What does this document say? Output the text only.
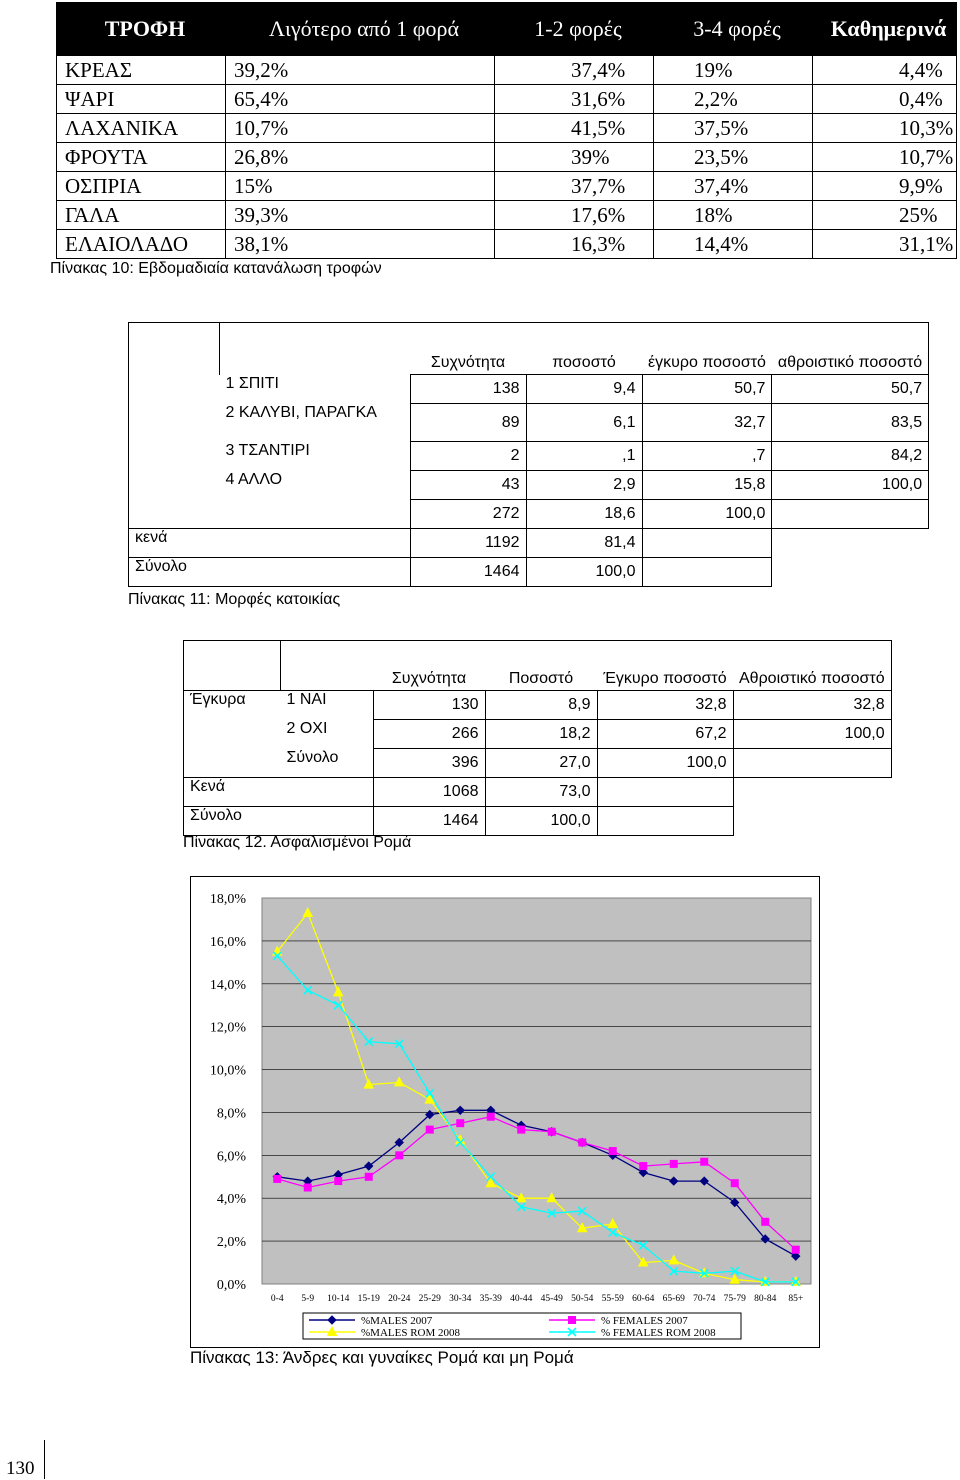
ΤΡΟΦΗ	Λιγότερο από 1 φορά	1-2 φορές	3-4 φορές	Καθημερινά
ΚΡΕΑΣ	39,2%	37,4%	19%	4,4%
ΨΑΡΙ	65,4%	31,6%	2,2%	0,4%
ΛΑΧΑΝΙΚΑ	10,7%	41,5%	37,5%	10,3%
ΦΡΟΥΤΑ	26,8%	39%	23,5%	10,7%
ΟΣΠΡΙΑ	15%	37,7%	37,4%	9,9%
ΓΑΛΑ	39,3%	17,6%	18%	25%
ΕΛΑΙΟΛΑΔΟ	38,1%	16,3%	14,4%	31,1%
Πίνακας 10: Εβδομαδιαία κατανάλωση τροφών
		Συχνότητα	ποσοστό	έγκυρο ποσοστό	αθροιστικό ποσοστό
	1 ΣΠΙΤΙ	138	9,4	50,7	50,7
	2 ΚΑΛΥΒΙ, ΠΑΡΑΓΚΑ	89	6,1	32,7	83,5
	3 ΤΣΑΝΤΙΡΙ	2	,1	,7	84,2
	4 ΑΛΛΟ	43	2,9	15,8	100,0
		272	18,6	100,0	
κενά		1192	81,4		
Σύνολο		1464	100,0		
Πίνακας 11: Μορφές κατοικίας
		Συχνότητα	Ποσοστό	Έγκυρο ποσοστό	Αθροιστικό ποσοστό
Έγκυρα	1 ΝΑΙ	130	8,9	32,8	32,8
	2 ΟΧΙ	266	18,2	67,2	100,0
	Σύνολο	396	27,0	100,0	
Κενά		1068	73,0		
Σύνολο		1464	100,0		
Πίνακας 12. Ασφαλισμένοι Ρομά
18,0%
16,0%
14,0%
12,0%
10,0%
8,0%
6,0%
4,0%
2,0%
0,0%
0-4 5-9 10-14 15-19 20-24 25-29 30-34 35-39 40-44 45-49 50-54 55-59 60-64 65-69 70-74 75-79 80-84 85+
%MALES 2007	% FEMALES 2007
%MALES ROM 2008	% FEMALES ROM 2008
Πίνακας 13: Άνδρες και γυναίκες Ρομά και μη Ρομά
130
